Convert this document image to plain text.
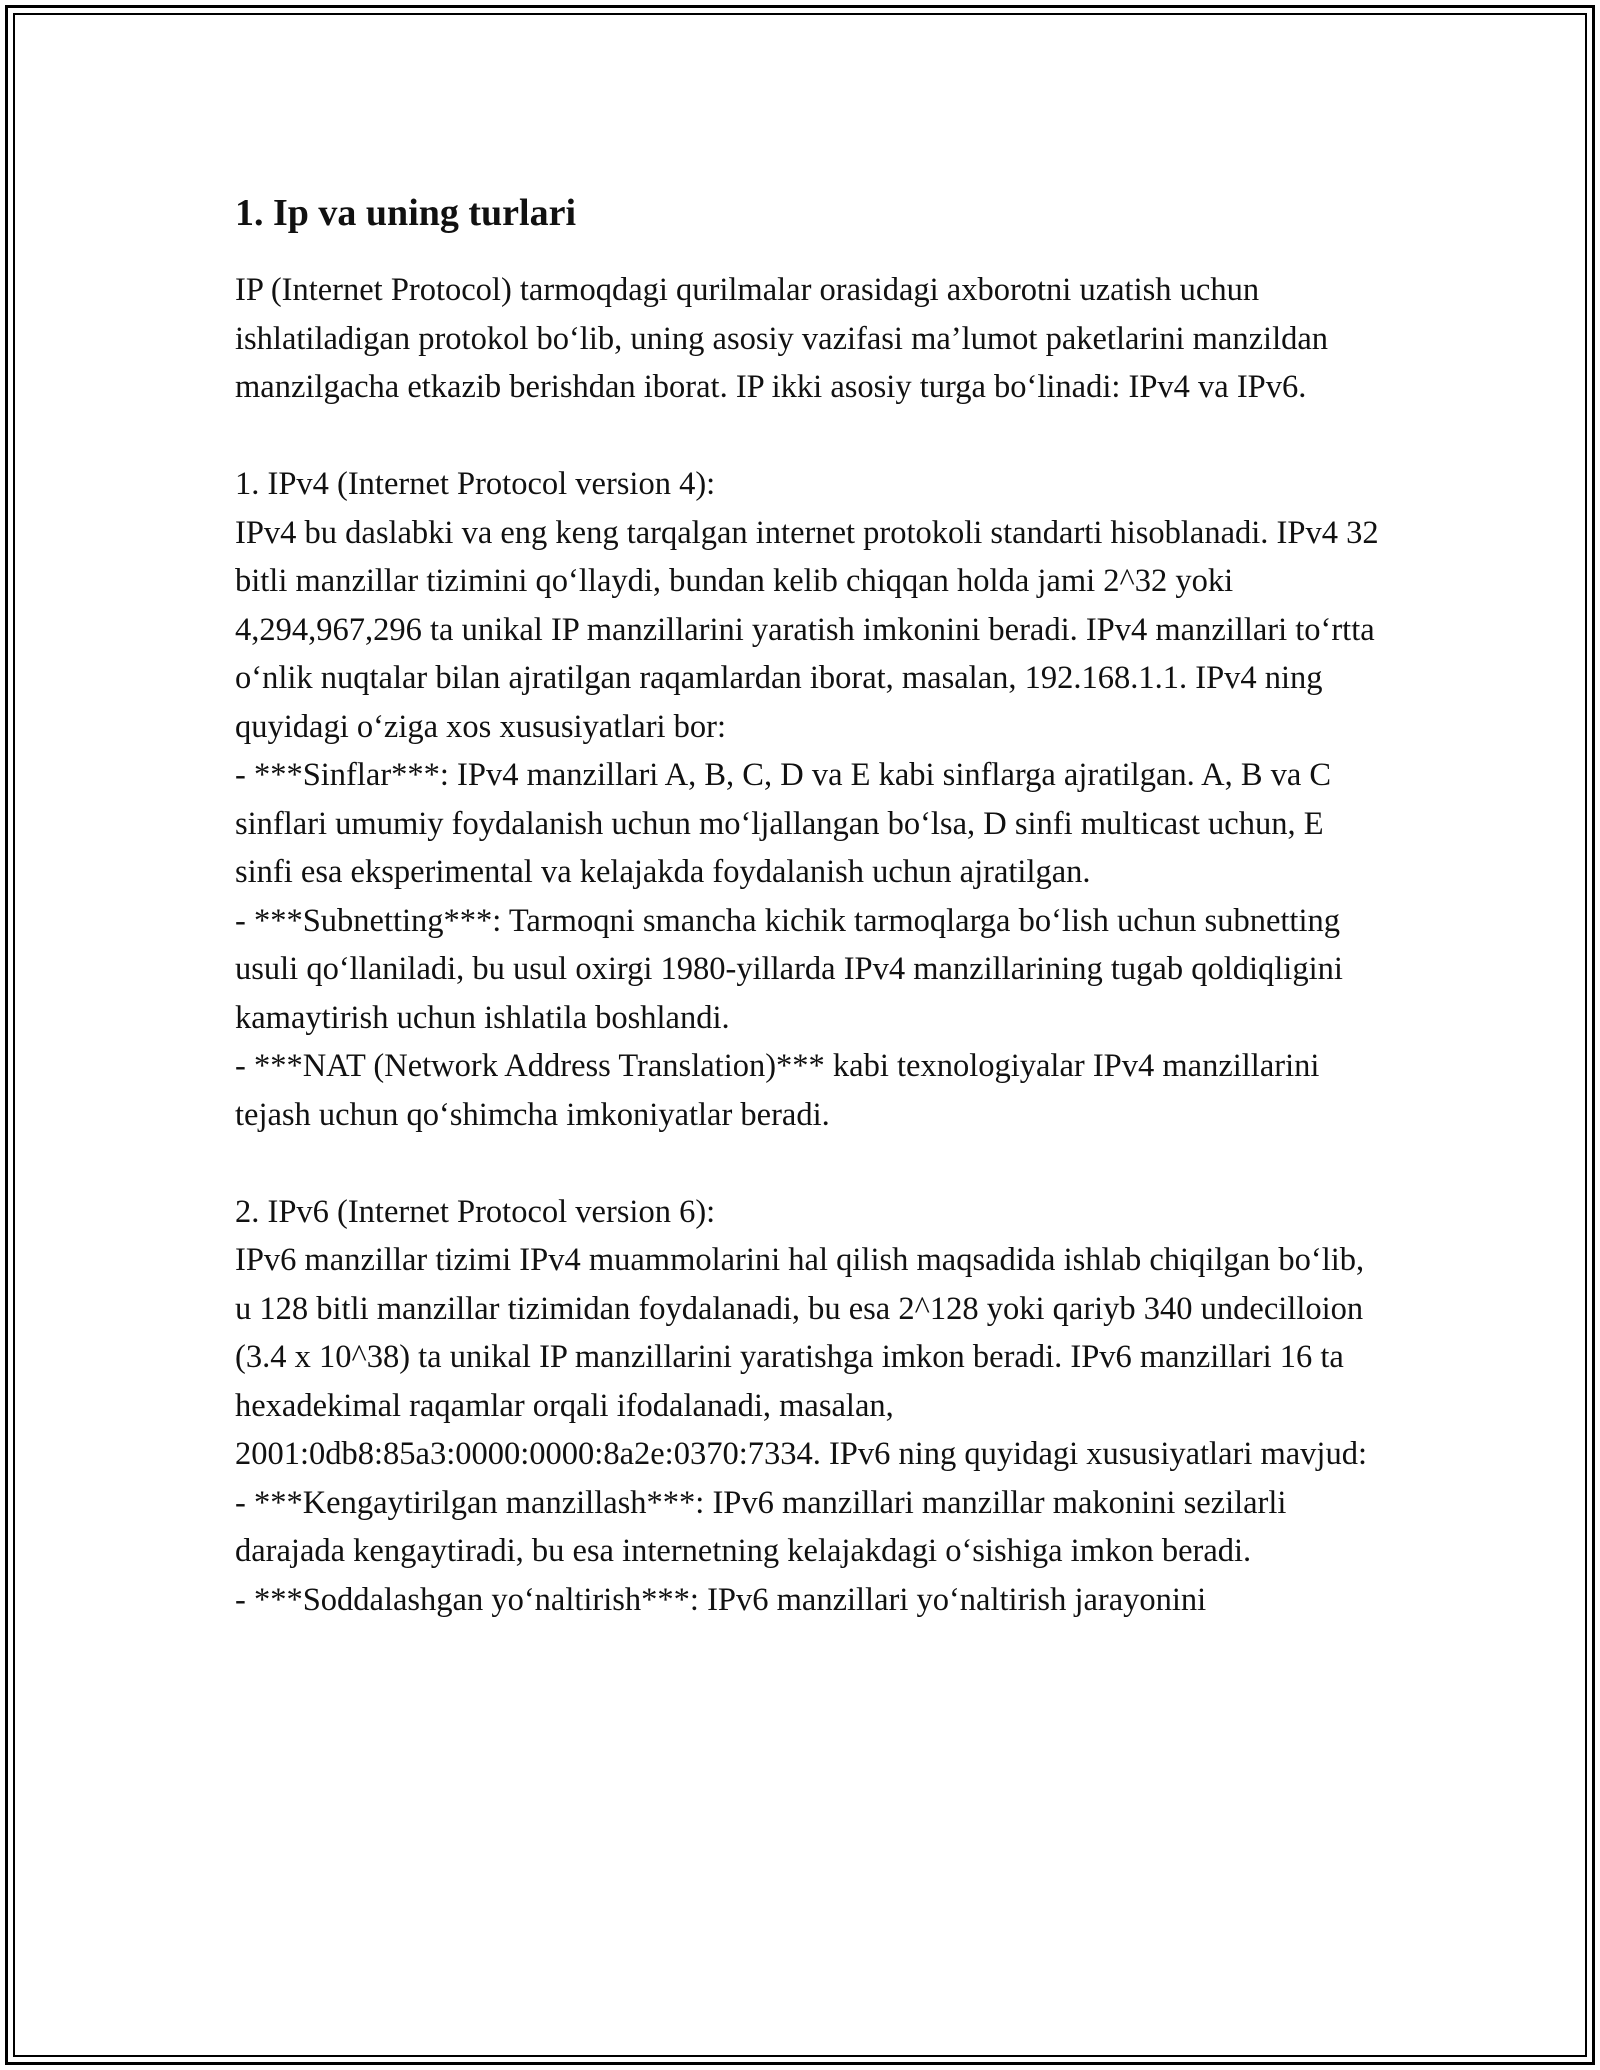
1. Ip va uning turlari

IP (Internet Protocol) tarmoqdagi qurilmalar orasidagi axborotni uzatish uchun ishlatiladigan protokol bo‘lib, uning asosiy vazifasi ma’lumot paketlarini manzildan manzilgacha etkazib berishdan iborat. IP ikki asosiy turga bo‘linadi: IPv4 va IPv6.

1. IPv4 (Internet Protocol version 4):

IPv4 bu daslabki va eng keng tarqalgan internet protokoli standarti hisoblanadi. IPv4 32 bitli manzillar tizimini qo‘llaydi, bundan kelib chiqqan holda jami 2^32 yoki 4,294,967,296 ta unikal IP manzillarini yaratish imkonini beradi. IPv4 manzillari to‘rtta o‘nlik nuqtalar bilan ajratilgan raqamlardan iborat, masalan, 192.168.1.1. IPv4 ning quyidagi o‘ziga xos xususiyatlari bor:

- ***Sinflar***: IPv4 manzillari A, B, C, D va E kabi sinflarga ajratilgan. A, B va C sinflari umumiy foydalanish uchun mo‘ljallangan bo‘lsa, D sinfi multicast uchun, E sinfi esa eksperimental va kelajakda foydalanish uchun ajratilgan.

- ***Subnetting***: Tarmoqni smancha kichik tarmoqlarga bo‘lish uchun subnetting usuli qo‘llaniladi, bu usul oxirgi 1980-yillarda IPv4 manzillarining tugab qoldiqligini kamaytirish uchun ishlatila boshlandi.

- ***NAT (Network Address Translation)*** kabi texnologiyalar IPv4 manzillarini tejash uchun qo‘shimcha imkoniyatlar beradi.

2. IPv6 (Internet Protocol version 6):

IPv6 manzillar tizimi IPv4 muammolarini hal qilish maqsadida ishlab chiqilgan bo‘lib, u 128 bitli manzillar tizimidan foydalanadi, bu esa 2^128 yoki qariyb 340 undecilloion (3.4 x 10^38) ta unikal IP manzillarini yaratishga imkon beradi. IPv6 manzillari 16 ta hexadekimal raqamlar orqali ifodalanadi, masalan, 2001:0db8:85a3:0000:0000:8a2e:0370:7334. IPv6 ning quyidagi xususiyatlari mavjud:

- ***Kengaytirilgan manzillash***: IPv6 manzillari manzillar makonini sezilarli darajada kengaytiradi, bu esa internetning kelajakdagi o‘sishiga imkon beradi.

- ***Soddalashgan yo‘naltirish***: IPv6 manzillari yo‘naltirish jarayonini
